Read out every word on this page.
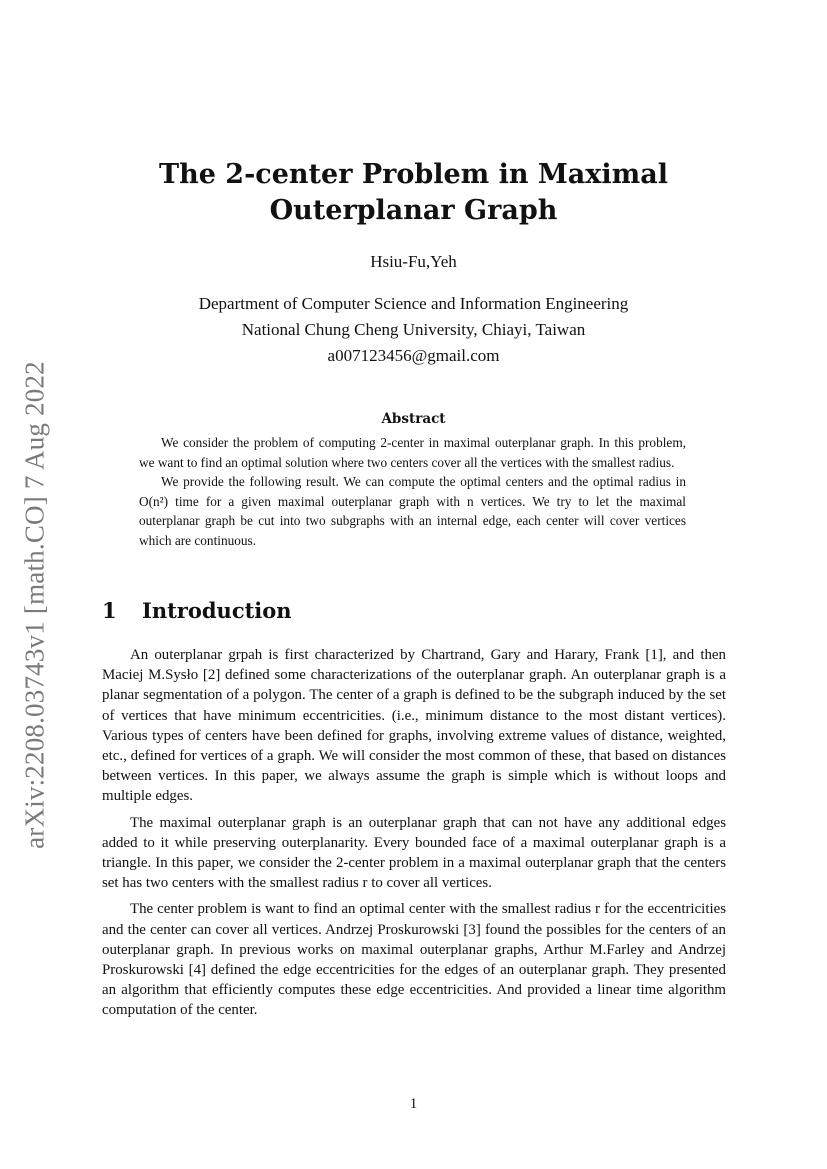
arXiv:2208.03743v1 [math.CO] 7 Aug 2022
The 2-center Problem in Maximal
Outerplanar Graph
Hsiu-Fu,Yeh
Department of Computer Science and Information Engineering
National Chung Cheng University, Chiayi, Taiwan
a007123456@gmail.com
Abstract

We consider the problem of computing 2-center in maximal outerplanar graph. In this problem, we want to find an optimal solution where two centers cover all the vertices with the smallest radius.

We provide the following result. We can compute the optimal centers and the optimal radius in O(n²) time for a given maximal outerplanar graph with n vertices. We try to let the maximal outerplanar graph be cut into two subgraphs with an internal edge, each center will cover vertices which are continuous.

1 Introduction

An outerplanar grpah is first characterized by Chartrand, Gary and Harary, Frank [1], and then Maciej M.Sysło [2] defined some characterizations of the outerplanar graph. An outerplanar graph is a planar segmentation of a polygon. The center of a graph is defined to be the subgraph induced by the set of vertices that have minimum eccentricities. (i.e., minimum distance to the most distant vertices). Various types of centers have been defined for graphs, involving extreme values of distance, weighted, etc., defined for vertices of a graph. We will consider the most common of these, that based on distances between vertices. In this paper, we always assume the graph is simple which is without loops and multiple edges.

The maximal outerplanar graph is an outerplanar graph that can not have any additional edges added to it while preserving outerplanarity. Every bounded face of a maximal outerplanar graph is a triangle. In this paper, we consider the 2-center problem in a maximal outerplanar graph that the centers set has two centers with the smallest radius r to cover all vertices.

The center problem is want to find an optimal center with the smallest radius r for the eccentricities and the center can cover all vertices. Andrzej Proskurowski [3] found the possibles for the centers of an outerplanar graph. In previous works on maximal outerplanar graphs, Arthur M.Farley and Andrzej Proskurowski [4] defined the edge eccentricities for the edges of an outerplanar graph. They presented an algorithm that efficiently computes these edge eccentricities. And provided a linear time algorithm computation of the center.

1
